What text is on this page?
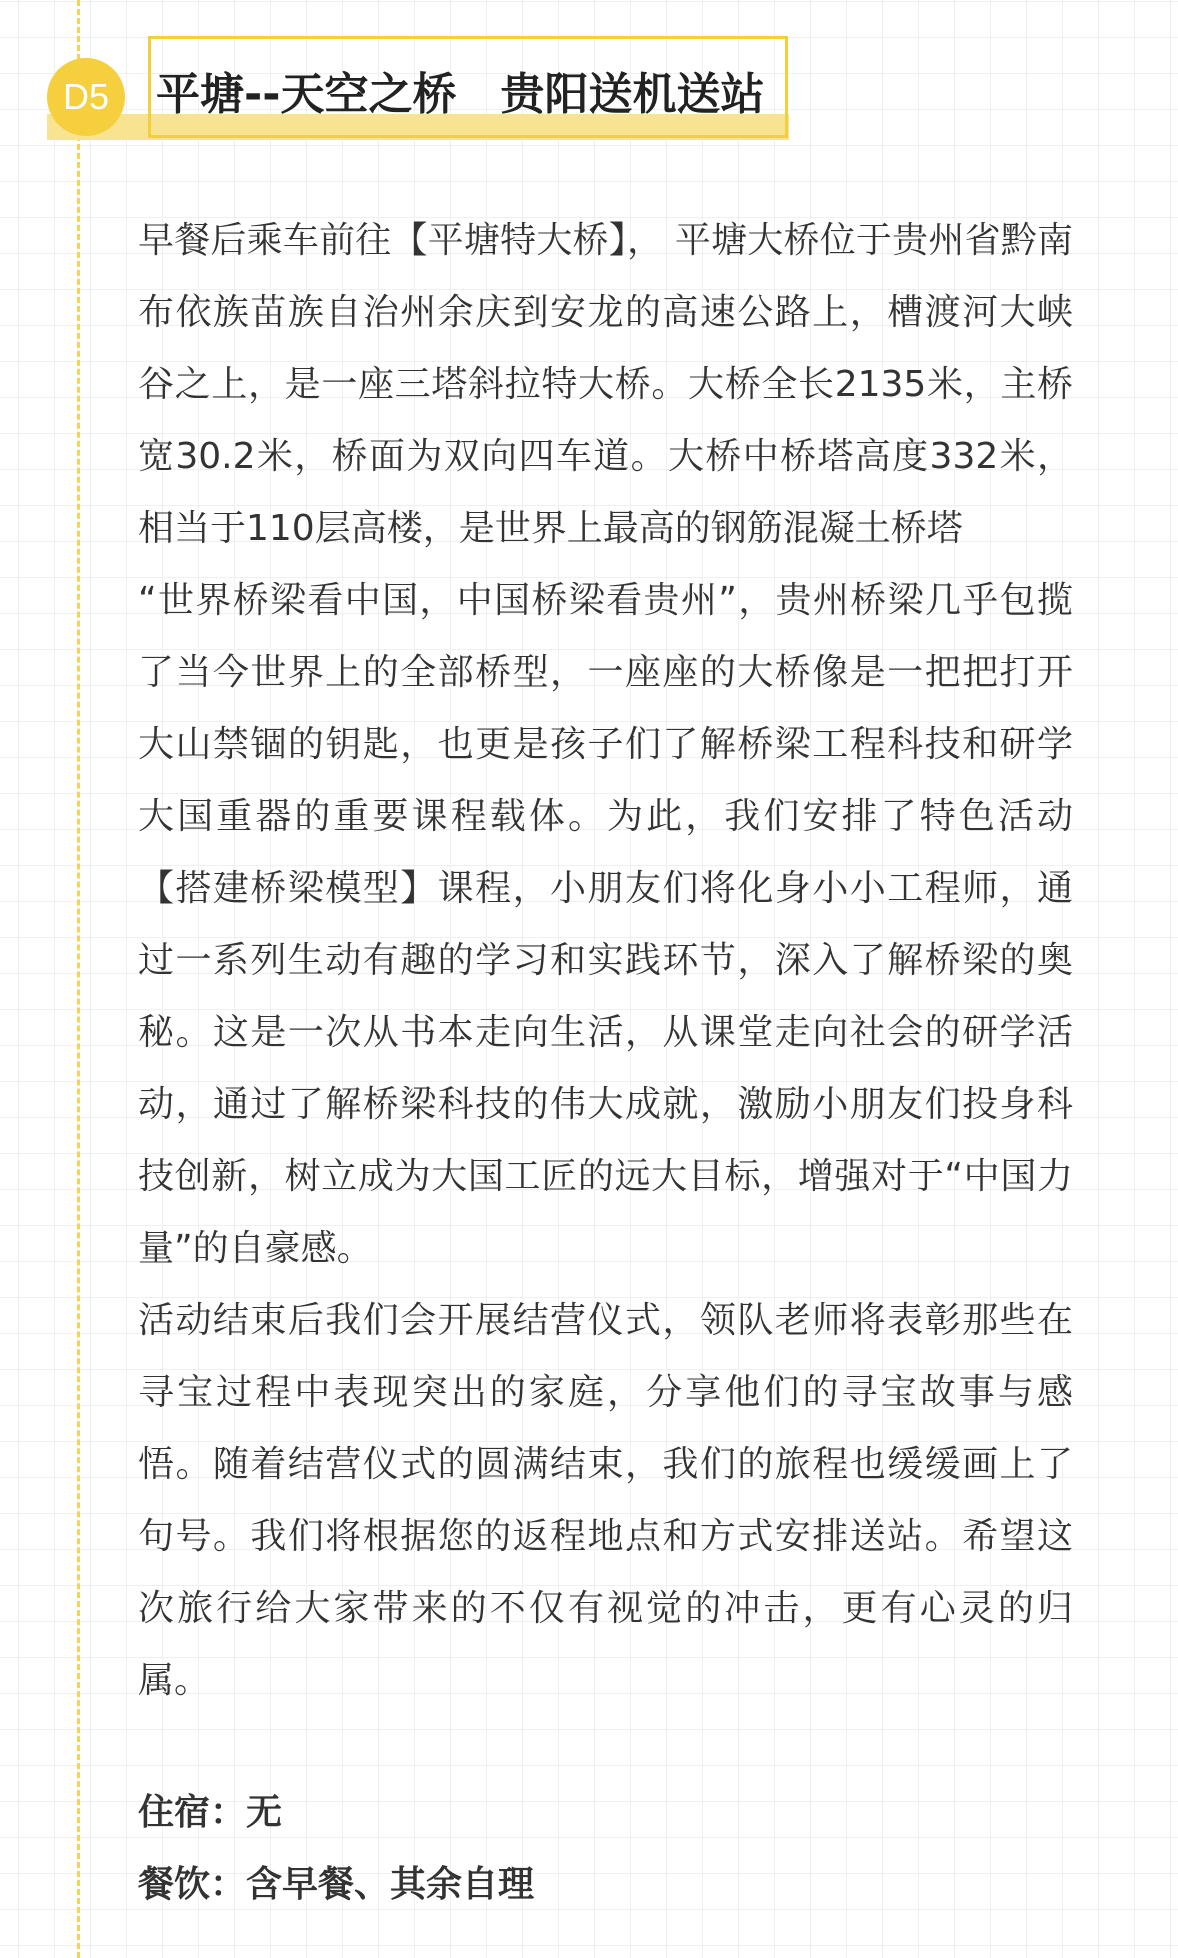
D5	平塘--天空之桥　贵阳送机送站

早餐后乘车前往【平塘特大桥】， 平塘大桥位于贵州省黔南布依族苗族自治州余庆到安龙的高速公路上，槽渡河大峡谷之上，是一座三塔斜拉特大桥。大桥全长2135米，主桥宽30.2米，桥面为双向四车道。大桥中桥塔高度332米，相当于110层高楼，是世界上最高的钢筋混凝土桥塔

“世界桥梁看中国，中国桥梁看贵州”，贵州桥梁几乎包揽了当今世界上的全部桥型，一座座的大桥像是一把把打开大山禁锢的钥匙，也更是孩子们了解桥梁工程科技和研学大国重器的重要课程载体。为此，我们安排了特色活动【搭建桥梁模型】课程，小朋友们将化身小小工程师，通过一系列生动有趣的学习和实践环节，深入了解桥梁的奥秘。这是一次从书本走向生活，从课堂走向社会的研学活动，通过了解桥梁科技的伟大成就，激励小朋友们投身科技创新，树立成为大国工匠的远大目标，增强对于“中国力量”的自豪感。

活动结束后我们会开展结营仪式，领队老师将表彰那些在寻宝过程中表现突出的家庭，分享他们的寻宝故事与感悟。随着结营仪式的圆满结束，我们的旅程也缓缓画上了句号。我们将根据您的返程地点和方式安排送站。希望这次旅行给大家带来的不仅有视觉的冲击，更有心灵的归属。

住宿：无
餐饮：含早餐、其余自理
